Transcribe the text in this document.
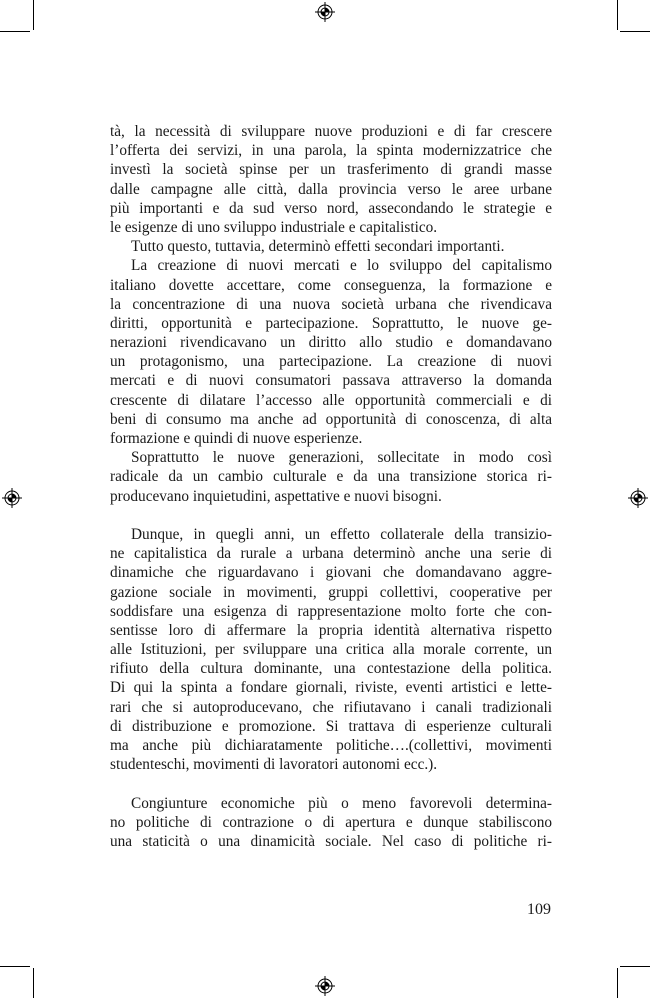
tà, la necessità di sviluppare nuove produzioni e di far crescere
l’offerta dei servizi, in una parola, la spinta modernizzatrice che
investì la società spinse per un trasferimento di grandi masse
dalle campagne alle città, dalla provincia verso le aree urbane
più importanti e da sud verso nord, assecondando le strategie e
le esigenze di uno sviluppo industriale e capitalistico.
Tutto questo, tuttavia, determinò effetti secondari importanti.
La creazione di nuovi mercati e lo sviluppo del capitalismo
italiano dovette accettare, come conseguenza, la formazione e
la concentrazione di una nuova società urbana che rivendicava
diritti, opportunità e partecipazione. Soprattutto, le nuove ge-
nerazioni rivendicavano un diritto allo studio e domandavano
un protagonismo, una partecipazione. La creazione di nuovi
mercati e di nuovi consumatori passava attraverso la domanda
crescente di dilatare l’accesso alle opportunità commerciali e di
beni di consumo ma anche ad opportunità di conoscenza, di alta
formazione e quindi di nuove esperienze.
Soprattutto le nuove generazioni, sollecitate in modo così
radicale da un cambio culturale e da una transizione storica ri-
producevano inquietudini, aspettative e nuovi bisogni.
Dunque, in quegli anni, un effetto collaterale della transizio-
ne capitalistica da rurale a urbana determinò anche una serie di
dinamiche che riguardavano i giovani che domandavano aggre-
gazione sociale in movimenti, gruppi collettivi, cooperative per
soddisfare una esigenza di rappresentazione molto forte che con-
sentisse loro di affermare la propria identità alternativa rispetto
alle Istituzioni, per sviluppare una critica alla morale corrente, un
rifiuto della cultura dominante, una contestazione della politica.
Di qui la spinta a fondare giornali, riviste, eventi artistici e lette-
rari che si autoproducevano, che rifiutavano i canali tradizionali
di distribuzione e promozione. Si trattava di esperienze culturali
ma anche più dichiaratamente politiche….(collettivi, movimenti
studenteschi, movimenti di lavoratori autonomi ecc.).
Congiunture economiche più o meno favorevoli determina-
no politiche di contrazione o di apertura e dunque stabiliscono
una staticità o una dinamicità sociale. Nel caso di politiche ri-
109
